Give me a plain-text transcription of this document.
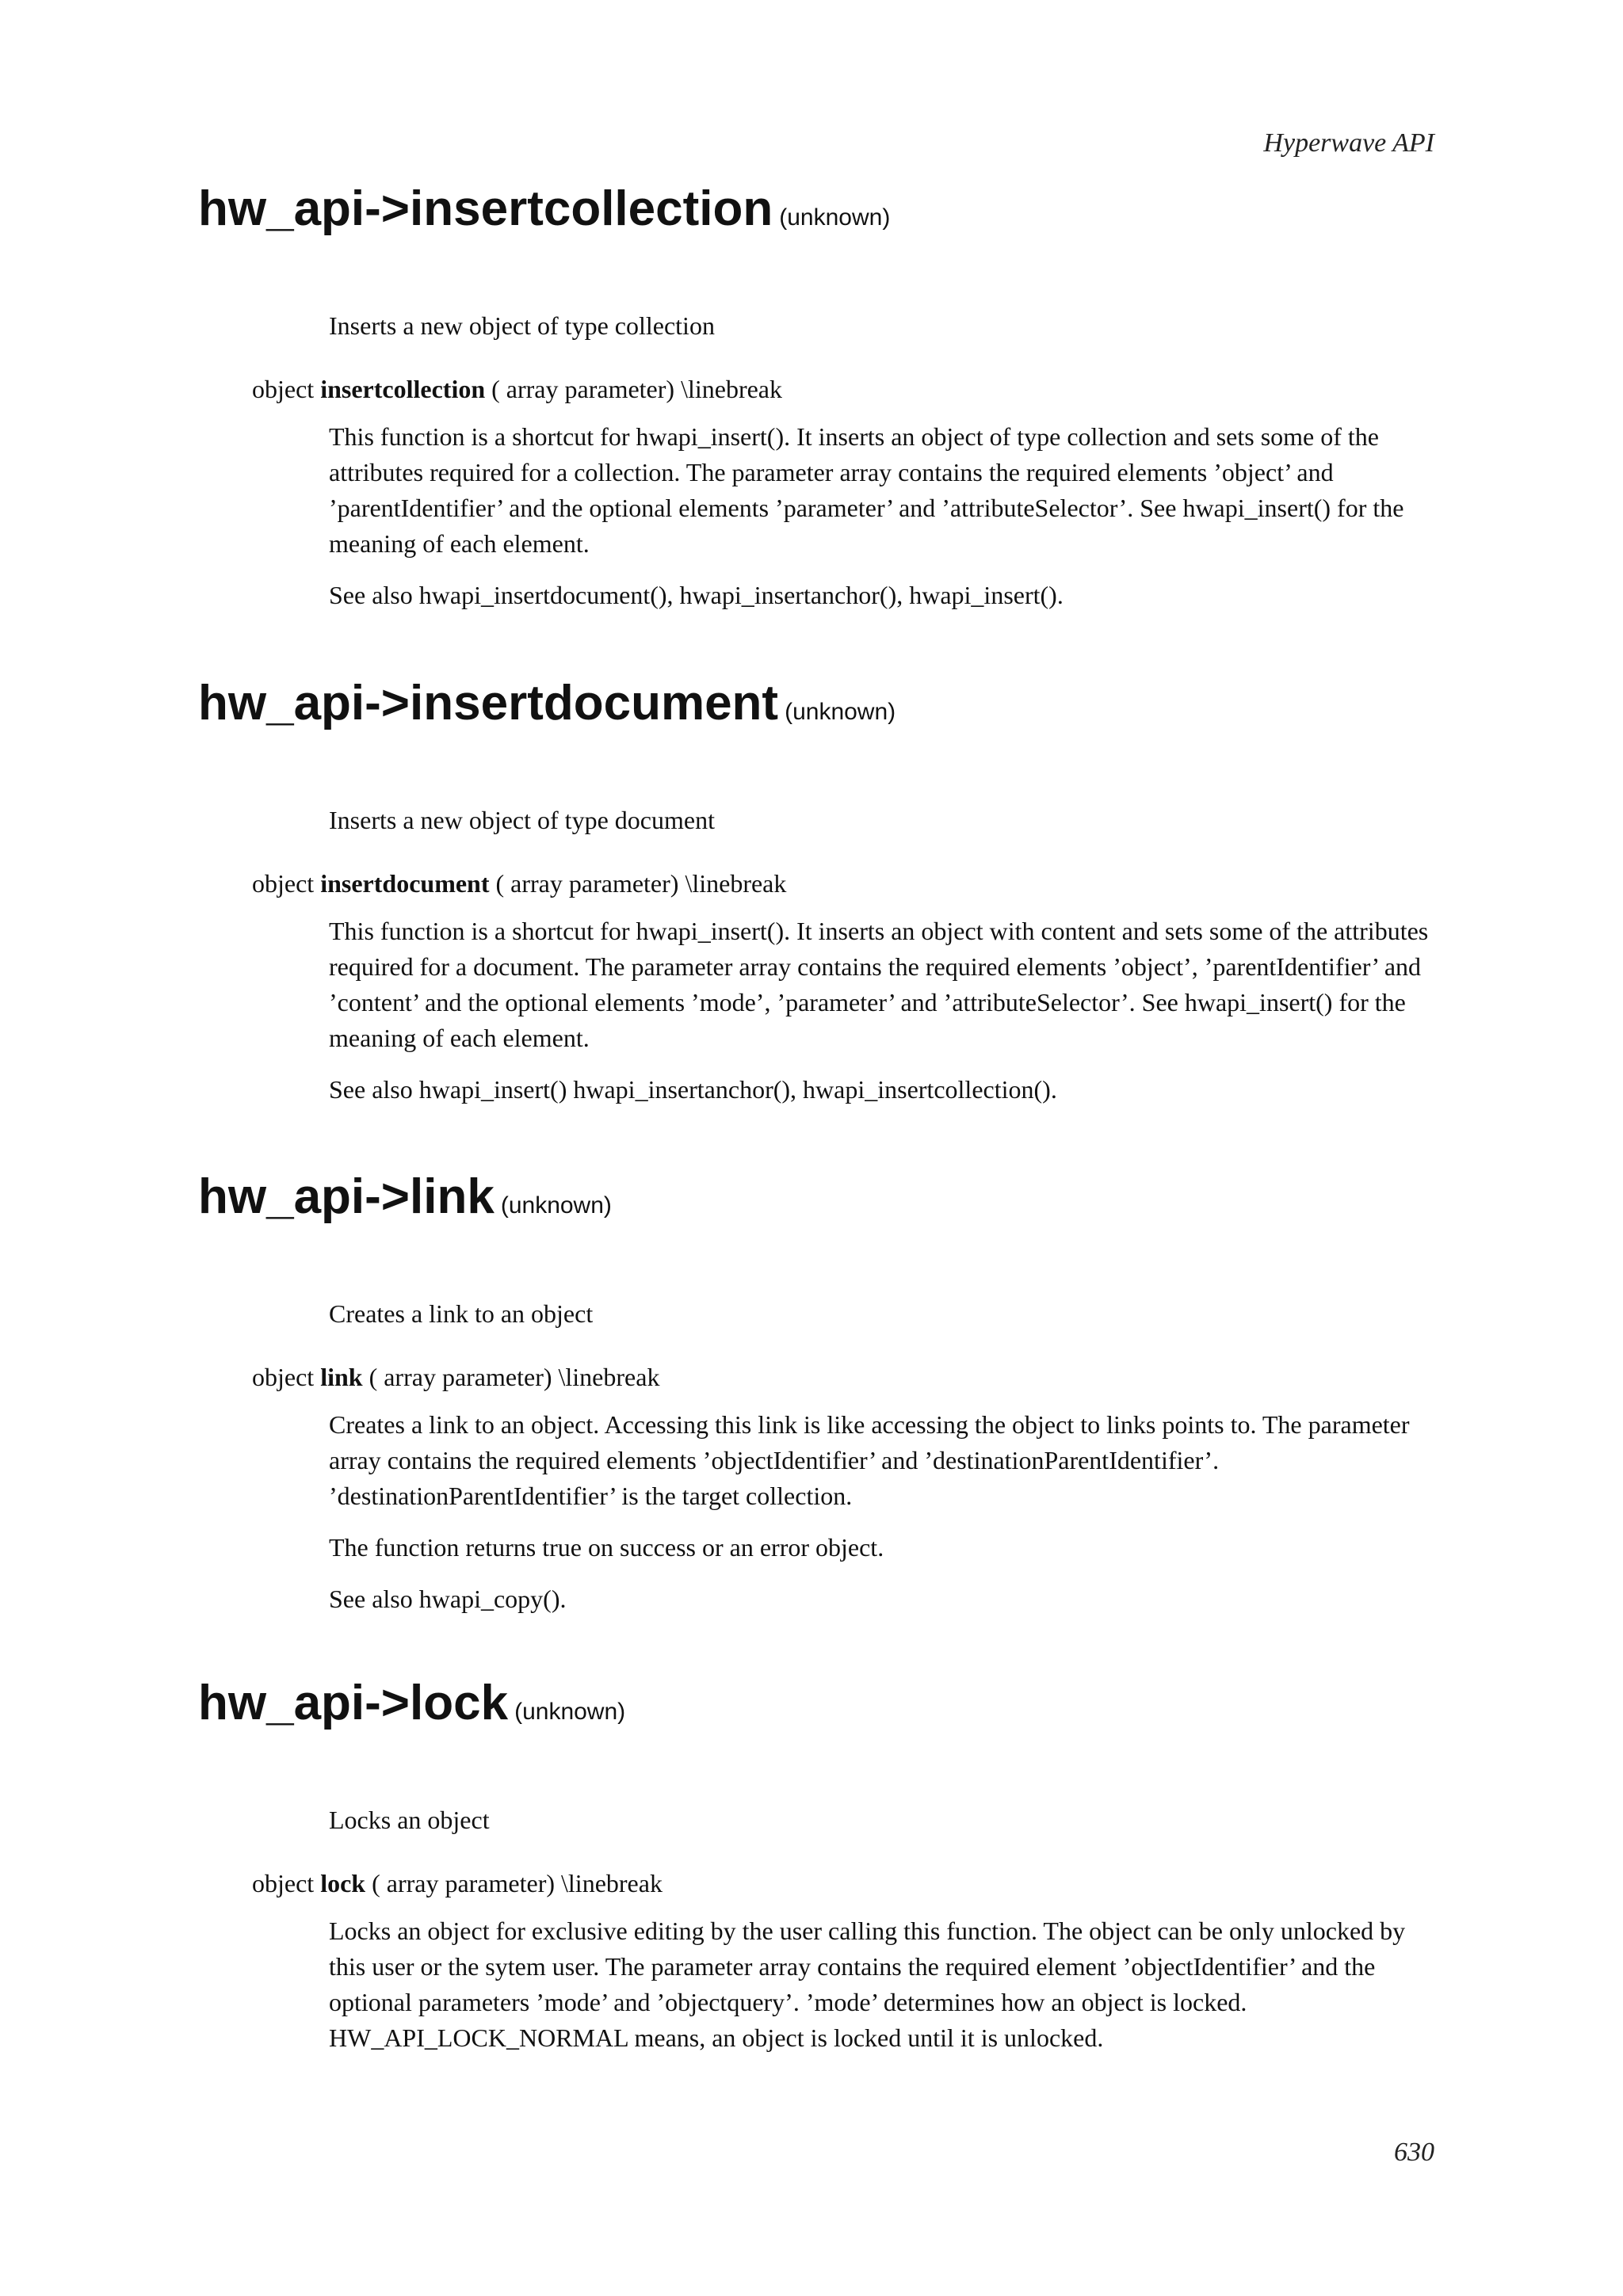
Hyperwave API
hw_api->insertcollection (unknown)
Inserts a new object of type collection
object insertcollection ( array parameter) \linebreak
This function is a shortcut for hwapi_insert(). It inserts an object of type collection and sets some of the attributes required for a collection. The parameter array contains the required elements ’object’ and ’parentIdentifier’ and the optional elements ’parameter’ and ’attributeSelector’. See hwapi_insert() for the meaning of each element.
See also hwapi_insertdocument(), hwapi_insertanchor(), hwapi_insert().
hw_api->insertdocument (unknown)
Inserts a new object of type document
object insertdocument ( array parameter) \linebreak
This function is a shortcut for hwapi_insert(). It inserts an object with content and sets some of the attributes required for a document. The parameter array contains the required elements ’object’, ’parentIdentifier’ and ’content’ and the optional elements ’mode’, ’parameter’ and ’attributeSelector’. See hwapi_insert() for the meaning of each element.
See also hwapi_insert() hwapi_insertanchor(), hwapi_insertcollection().
hw_api->link (unknown)
Creates a link to an object
object link ( array parameter) \linebreak
Creates a link to an object. Accessing this link is like accessing the object to links points to. The parameter array contains the required elements ’objectIdentifier’ and ’destinationParentIdentifier’. ’destinationParentIdentifier’ is the target collection.
The function returns true on success or an error object.
See also hwapi_copy().
hw_api->lock (unknown)
Locks an object
object lock ( array parameter) \linebreak
Locks an object for exclusive editing by the user calling this function. The object can be only unlocked by this user or the sytem user. The parameter array contains the required element ’objectIdentifier’ and the optional parameters ’mode’ and ’objectquery’. ’mode’ determines how an object is locked. HW_API_LOCK_NORMAL means, an object is locked until it is unlocked.
630
